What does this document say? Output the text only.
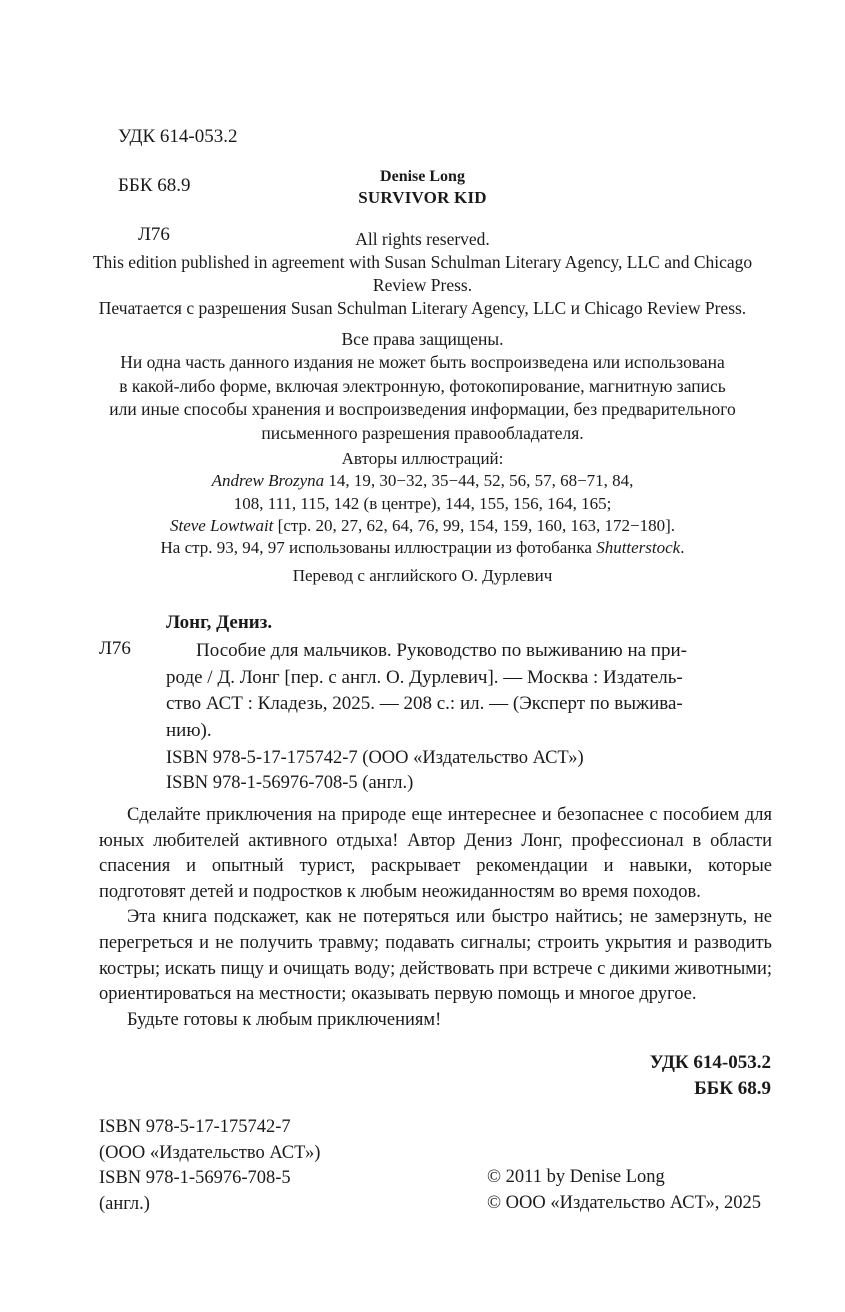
УДК 614-053.2

ББК 68.9

Л76

Denise Long
SURVIVOR KID
All rights reserved.
This edition published in agreement with Susan Schulman Literary Agency, LLC and Chicago
Review Press.
Печатается с разрешения Susan Schulman Literary Agency, LLC и Chicago Review Press.
Все права защищены.
Ни одна часть данного издания не может быть воспроизведена или использована
в какой-либо форме, включая электронную, фотокопирование, магнитную запись
или иные способы хранения и воспроизведения информации, без предварительного
письменного разрешения правообладателя.
Авторы иллюстраций:
Andrew Brozyna 14, 19, 30−32, 35−44, 52, 56, 57, 68−71, 84,
108, 111, 115, 142 (в центре), 144, 155, 156, 164, 165;
Steve Lowtwait [стр. 20, 27, 62, 64, 76, 99, 154, 159, 160, 163, 172−180].
На стр. 93, 94, 97 использованы иллюстрации из фотобанка Shutterstock.
Перевод с английского О. Дурлевич
Лонг, Дениз.
Л76	Пособие для мальчиков. Руководство по выживанию на при-
роде / Д. Лонг [пер. с англ. О. Дурлевич]. — Москва : Издатель-
ство АСТ : Кладезь, 2025. — 208 с.: ил. — (Эксперт по выжива-
нию).
ISBN 978-5-17-175742-7 (ООО «Издательство АСТ»)
ISBN 978-1-56976-708-5 (англ.)

Сделайте приключения на природе еще интереснее и безопаснее с пособием для юных любителей активного отдыха! Автор Дениз Лонг, профессионал в области спасения и опытный турист, раскрывает рекомендации и навыки, которые подготовят детей и подростков к любым неожиданностям во время походов.

Эта книга подскажет, как не потеряться или быстро найтись; не замерзнуть, не перегреться и не получить травму; подавать сигналы; строить укрытия и разводить костры; искать пищу и очищать воду; действовать при встрече с дикими животными; ориентироваться на местности; оказывать первую помощь и многое другое.

Будьте готовы к любым приключениям!

УДК 614-053.2
ББК 68.9
ISBN 978-5-17-175742-7
(ООО «Издательство АСТ»)
ISBN 978-1-56976-708-5
(англ.)
© 2011 by Denise Long
© ООО «Издательство АСТ», 2025
